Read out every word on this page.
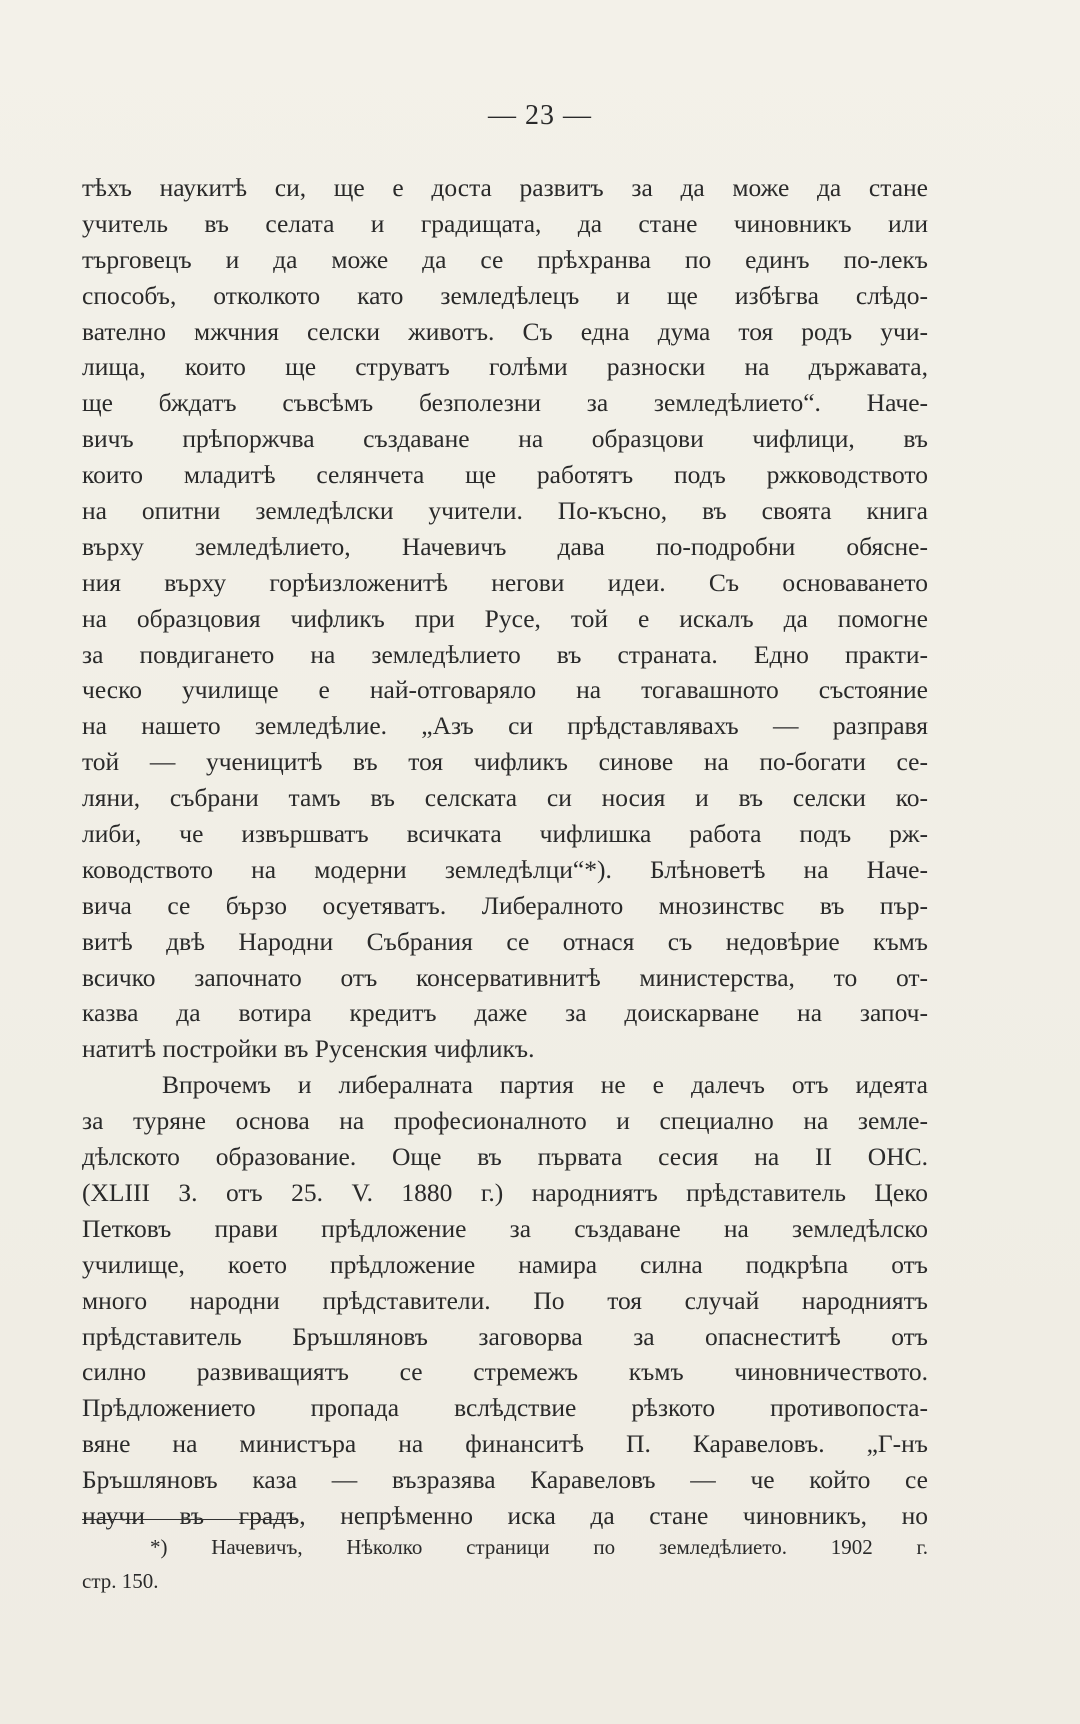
— 23 —
тѣхъ наукитѣ си, ще е доста развитъ за да може да стане
учитель въ селата и градищата, да стане чиновникъ или
търговецъ и да може да се прѣхранва по единъ по-лекъ
способъ, отколкото като земледѣлецъ и ще избѣгва слѣдо-
вателно мжчния селски животъ. Съ една дума тоя родъ учи-
лища, които ще струватъ голѣми разноски на държавата,
ще бждатъ съвсѣмъ безполезни за земледѣлието“. Наче-
вичъ прѣпоржчва създаване на образцови чифлици, въ
които младитѣ селянчета ще работятъ подъ ржководството
на опитни земледѣлски учители. По-късно, въ своята книга
върху земледѣлието, Начевичъ дава по-подробни обясне-
ния върху горѣизложенитѣ негови идеи. Съ основаването
на образцовия чифликъ при Русе, той е искалъ да помогне
за повдигането на земледѣлието въ страната. Едно практи-
ческо училище е най-отговаряло на тогавашното състояние
на нашето земледѣлие. „Азъ си прѣдставлявахъ — разправя
той — ученицитѣ въ тоя чифликъ синове на по-богати се-
ляни, събрани тамъ въ селската си носия и въ селски ко-
либи, че извършватъ всичката чифлишка работа подъ рж-
ководството на модерни земледѣлци“*). Блѣноветѣ на Наче-
вича се бързо осуетяватъ. Либералното мнозинствс въ пър-
витѣ двѣ Народни Събрания се отнася съ недовѣрие къмъ
всичко започнато отъ консервативнитѣ министерства, то от-
казва да вотира кредитъ даже за доискарване на започ-
натитѣ постройки въ Русенския чифликъ.
Впрочемъ и либералната партия не е далечъ отъ идеята
за туряне основа на професионалното и специално на земле-
дѣлското образование. Още въ първата сесия на II ОНС.
(XLIII З. отъ 25. V. 1880 г.) народниятъ прѣдставитель Цеко
Петковъ прави прѣдложение за създаване на земледѣлско
училище, което прѣдложение намира силна подкрѣпа отъ
много народни прѣдставители. По тоя случай народниятъ
прѣдставитель Бръшляновъ заговорва за опаснеститѣ отъ
силно развиващиятъ се стремежъ къмъ чиновничеството.
Прѣдложението пропада вслѣдствие рѣзкото противопоста-
вяне на министъра на финанситѣ П. Каравеловъ. „Г-нъ
Бръшляновъ каза — възразява Каравеловъ — че който се
научи въ градъ, непрѣменно иска да стане чиновникъ, но
*) Начевичъ, Нѣколко страници по земледѣлието. 1902 г.
стр. 150.
